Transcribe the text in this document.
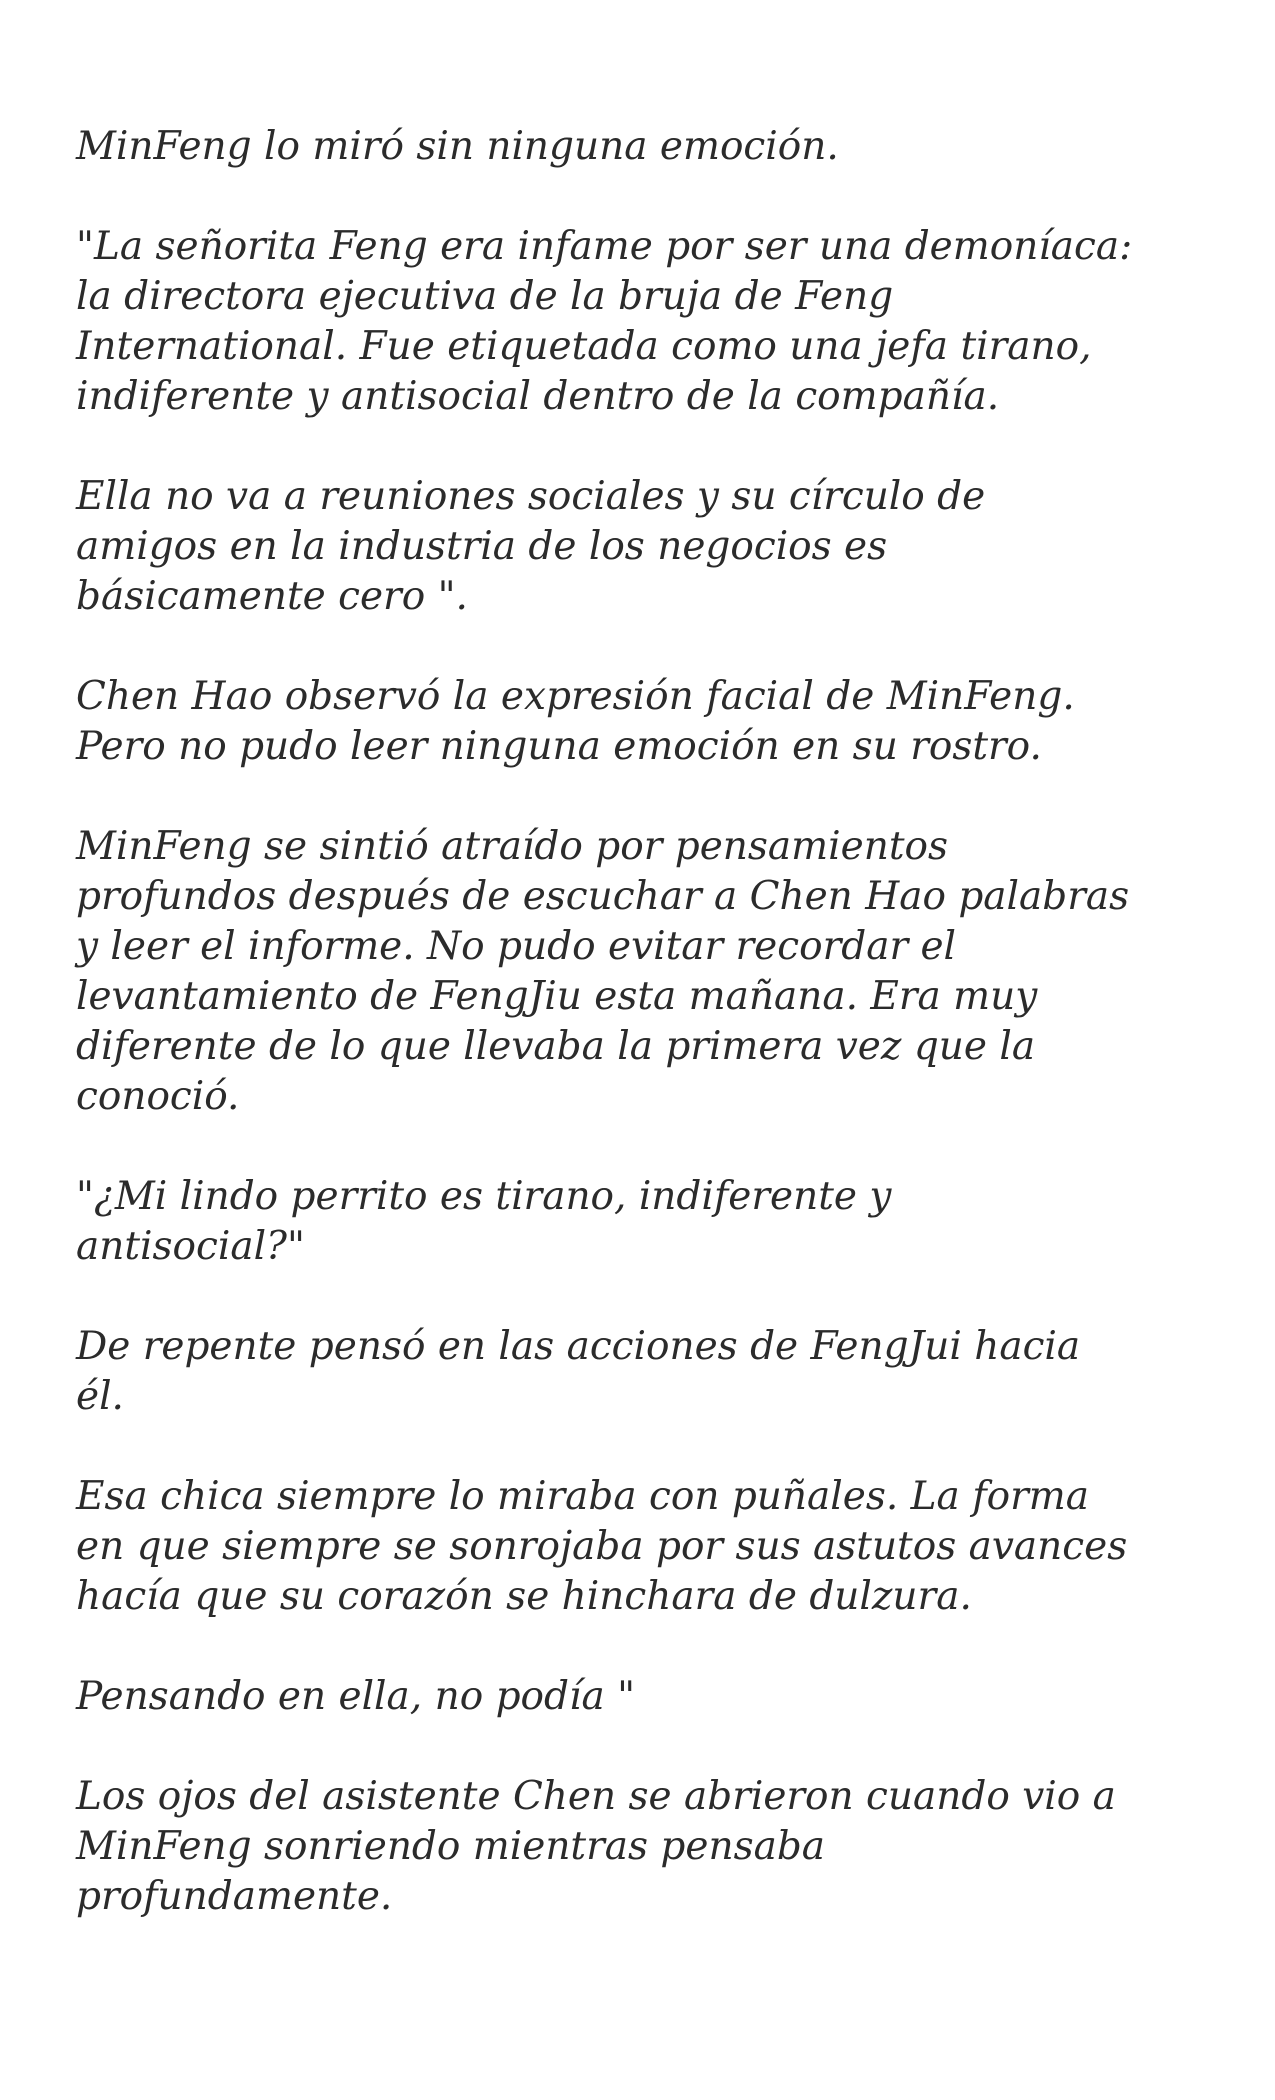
MinFeng lo miró sin ninguna emoción.

"La señorita Feng era infame por ser una demoníaca:
la directora ejecutiva de la bruja de Feng
International. Fue etiquetada como una jefa tirano,
indiferente y antisocial dentro de la compañía.

Ella no va a reuniones sociales y su círculo de
amigos en la industria de los negocios es
básicamente cero ".

Chen Hao observó la expresión facial de MinFeng.
Pero no pudo leer ninguna emoción en su rostro.

MinFeng se sintió atraído por pensamientos
profundos después de escuchar a Chen Hao palabras
y leer el informe. No pudo evitar recordar el
levantamiento de FengJiu esta mañana. Era muy
diferente de lo que llevaba la primera vez que la
conoció.

"¿Mi lindo perrito es tirano, indiferente y
antisocial?"

De repente pensó en las acciones de FengJui hacia
él.

Esa chica siempre lo miraba con puñales. La forma
en que siempre se sonrojaba por sus astutos avances
hacía que su corazón se hinchara de dulzura.

Pensando en ella, no podía "

Los ojos del asistente Chen se abrieron cuando vio a
MinFeng sonriendo mientras pensaba
profundamente.
